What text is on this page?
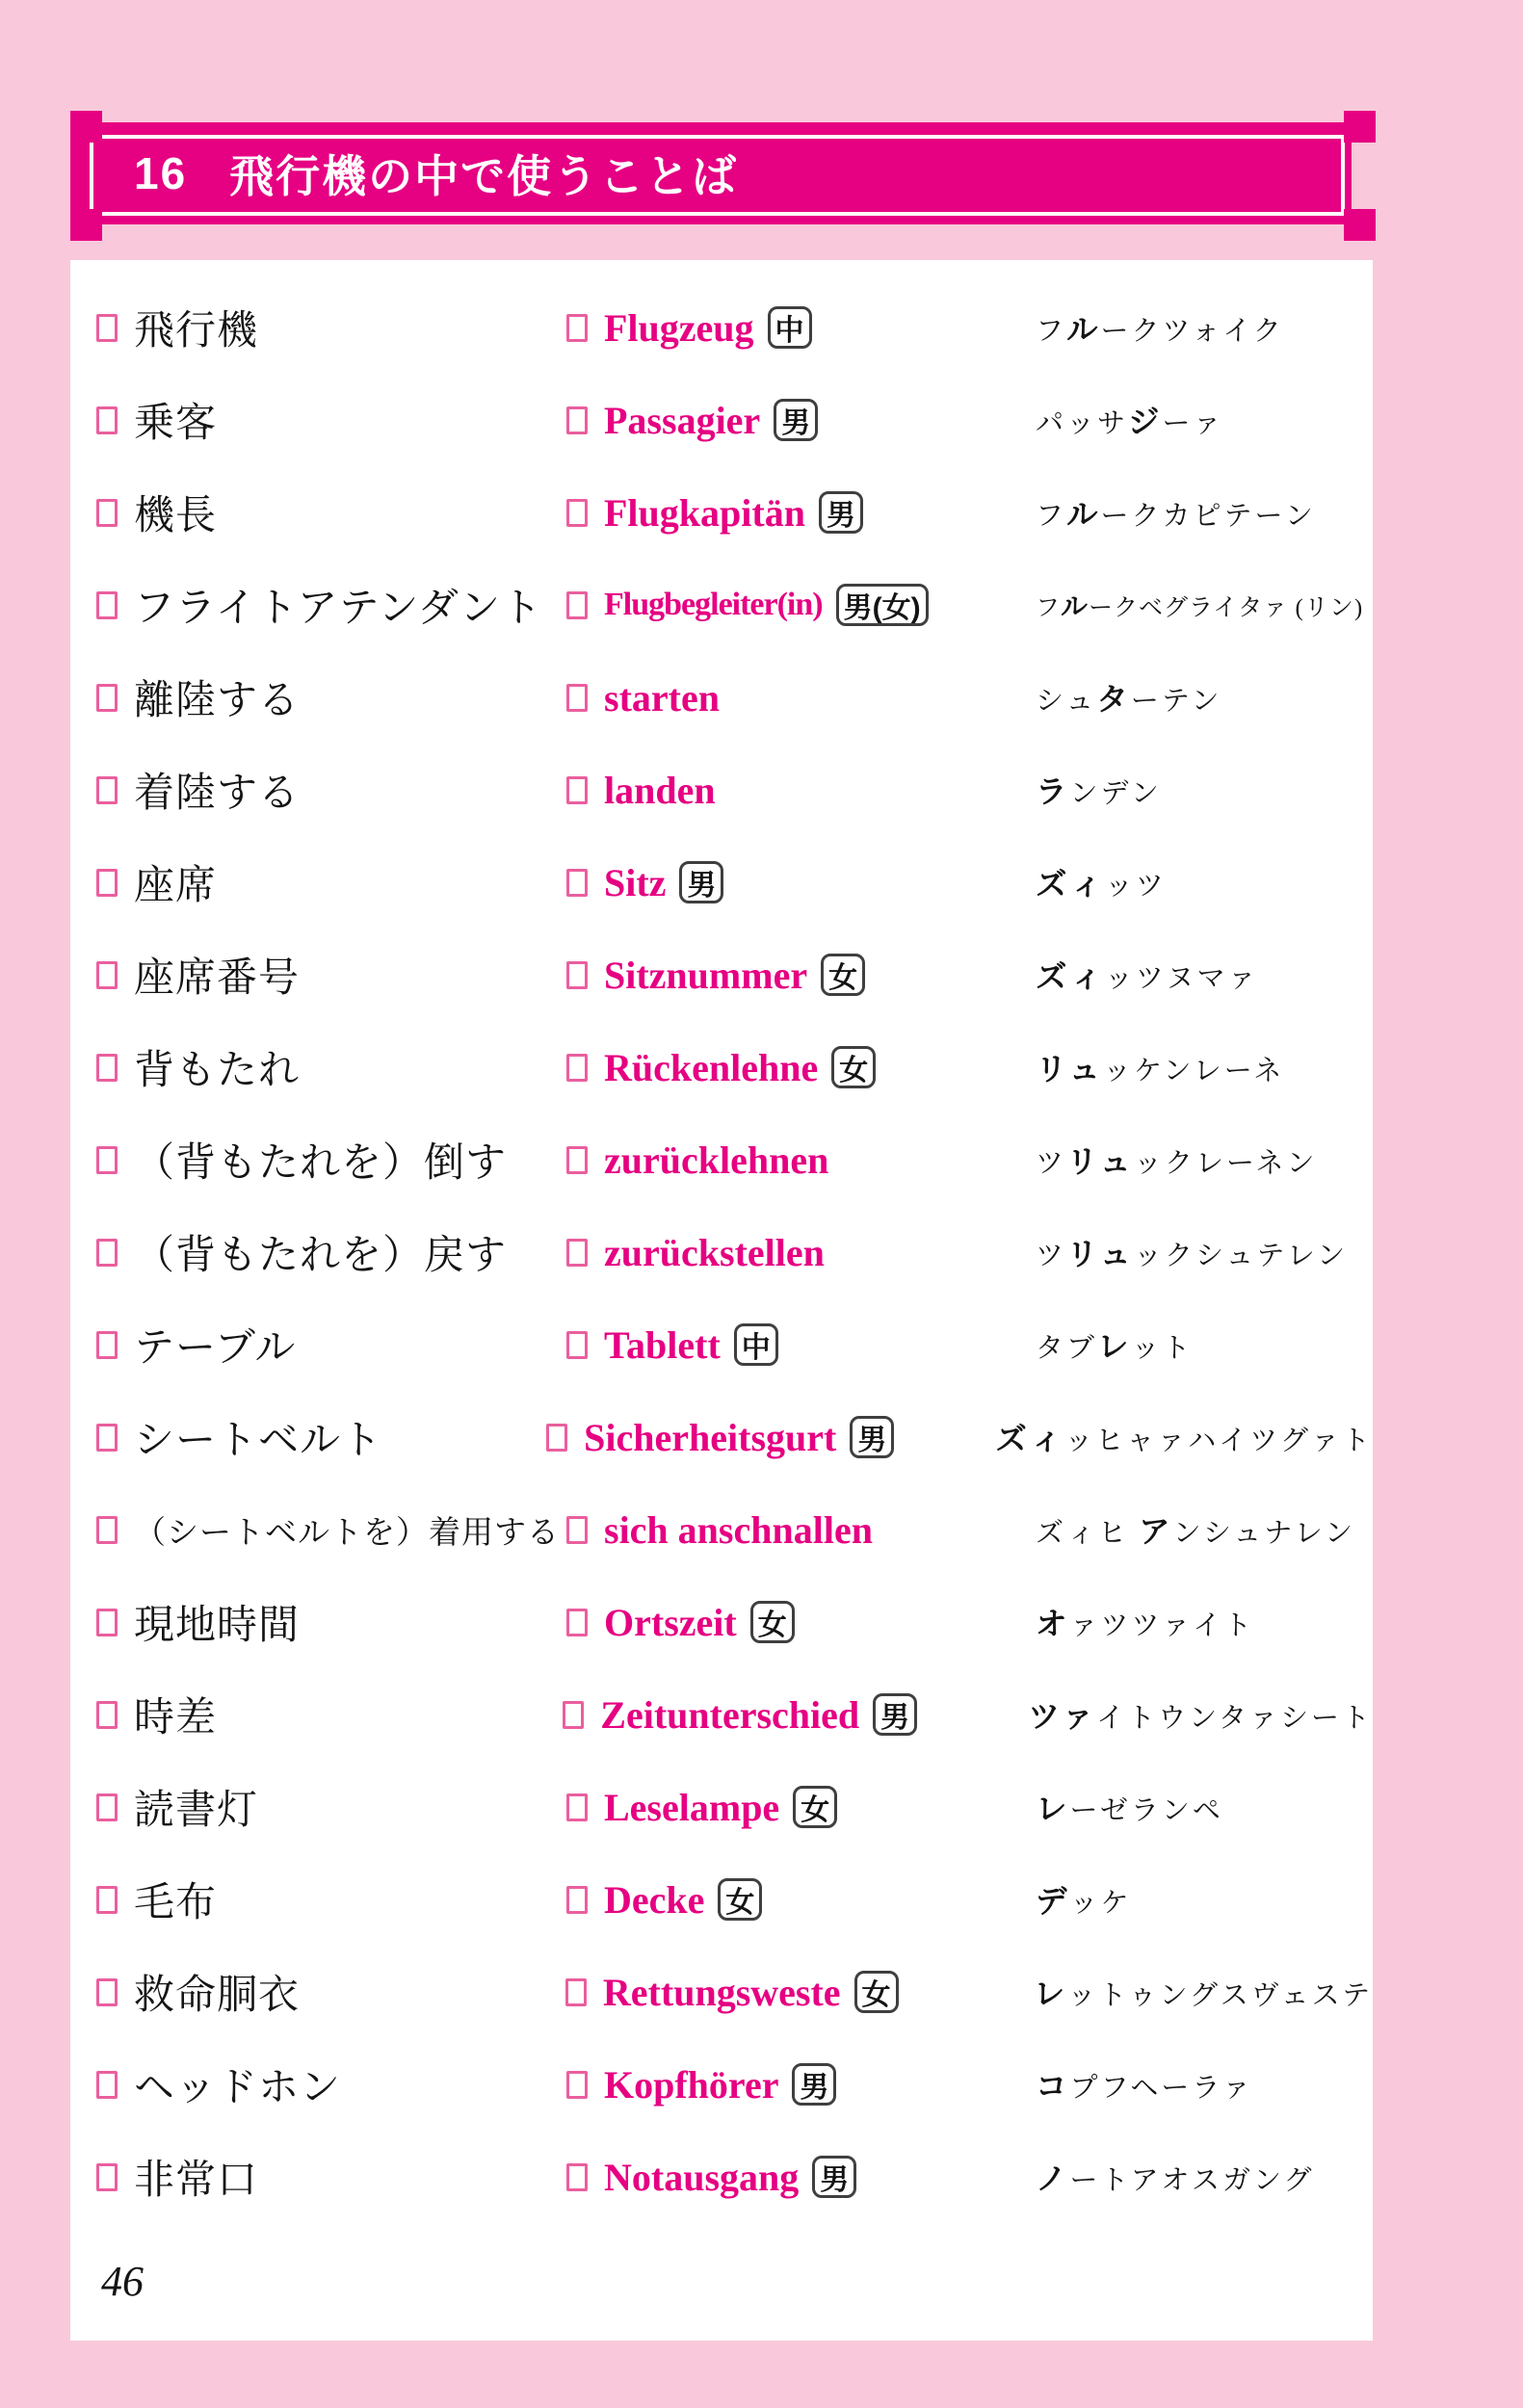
16 飛行機の中で使うことば
飛行機	Flugzeug 中	フルークツォイク
乗客	Passagier 男	パッサジーァ
機長	Flugkapitän 男	フルークカピテーン
フライトアテンダント Flugbegleiter(in) 男(女)	フルークベグライタァ (リン)
離陸する	starten	シュターテン
着陸する	landen	ランデン
座席	Sitz 男	ズィッツ
座席番号	Sitznummer 女	ズィッツヌマァ
背もたれ	Rückenlehne 女	リュッケンレーネ
（背もたれを）倒す	zurücklehnen	ツリュックレーネン
（背もたれを）戻す	zurückstellen	ツリュックシュテレン
テーブル	Tablett 中	タブレット
シートベルト	Sicherheitsgurt 男	ズィッヒャァハイツグァト
（シートベルトを）着用する sich anschnallen	ズィヒ アンシュナレン
現地時間	Ortszeit 女	オァツツァイト
時差	Zeitunterschied 男	ツァイトウンタァシート
読書灯	Leselampe 女	レーゼランペ
毛布	Decke 女	デッケ
救命胴衣	Rettungsweste 女	レットゥングスヴェステ
ヘッドホン	Kopfhörer 男	コプフヘーラァ
非常口	Notausgang 男	ノートアオスガング
46
